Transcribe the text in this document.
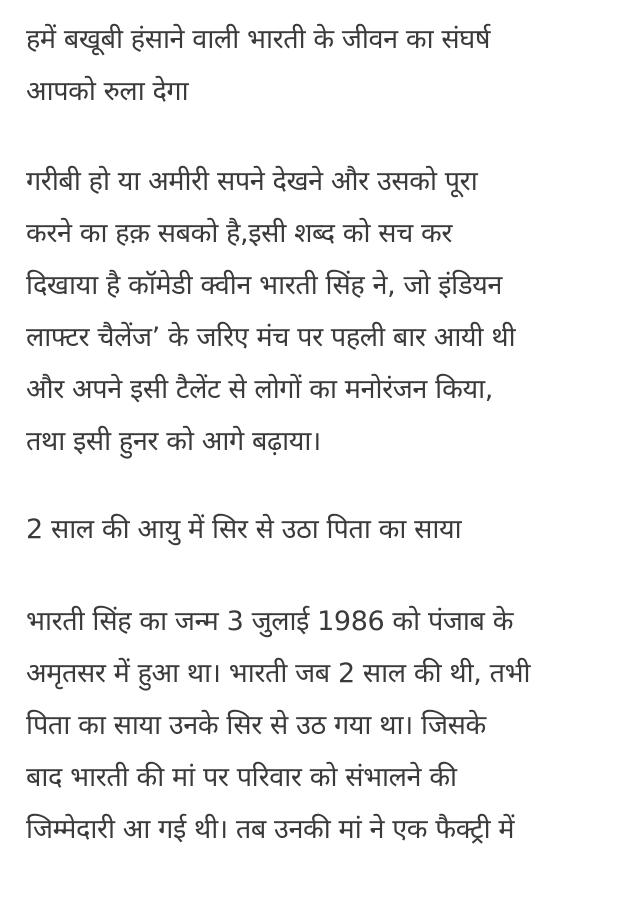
हमें बखूबी हंसाने वाली भारती के जीवन का संघर्ष
आपको रुला देगा

गरीबी हो या अमीरी सपने देखने और उसको पूरा
करने का हक़ सबको है,इसी शब्द को सच कर
दिखाया है कॉमेडी क्वीन भारती सिंह ने, जो इंडियन
लाफ्टर चैलेंज’ के जरिए मंच पर पहली बार आयी थी
और अपने इसी टैलेंट से लोगों का मनोरंजन किया,
तथा इसी हुनर को आगे बढ़ाया।

2 साल की आयु में सिर से उठा पिता का साया

भारती सिंह का जन्म 3 जुलाई 1986 को पंजाब के
अमृतसर में हुआ था। भारती जब 2 साल की थी, तभी
पिता का साया उनके सिर से उठ गया था। जिसके
बाद भारती की मां पर परिवार को संभालने की
जिम्मेदारी आ गई थी। तब उनकी मां ने एक फैक्ट्री में
